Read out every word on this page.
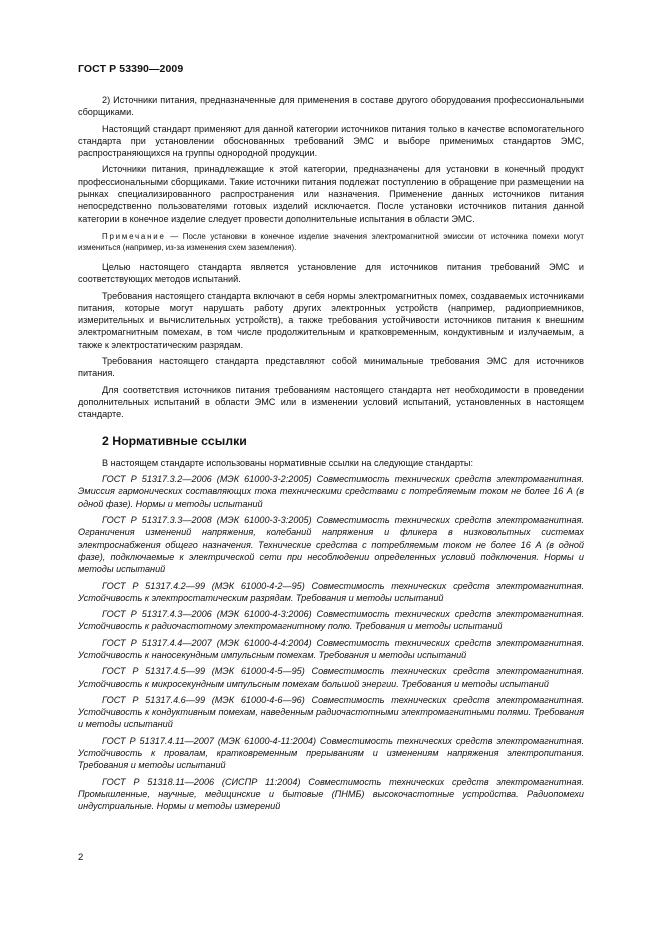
ГОСТ Р 53390—2009

2) Источники питания, предназначенные для применения в составе другого оборудования профессиональными сборщиками.

Настоящий стандарт применяют для данной категории источников питания только в качестве вспомогательного стандарта при установлении обоснованных требований ЭМС и выборе применимых стандартов ЭМС, распространяющихся на группы однородной продукции.

Источники питания, принадлежащие к этой категории, предназначены для установки в конечный продукт профессиональными сборщиками. Такие источники питания подлежат поступлению в обращение при размещении на рынках специализированного распространения или назначения. Применение данных источников питания непосредственно пользователями готовых изделий исключается. После установки источников питания данной категории в конечное изделие следует провести дополнительные испытания в области ЭМС.

Примечание — После установки в конечное изделие значения электромагнитной эмиссии от источника помехи могут измениться (например, из-за изменения схем заземления).

Целью настоящего стандарта является установление для источников питания требований ЭМС и соответствующих методов испытаний.

Требования настоящего стандарта включают в себя нормы электромагнитных помех, создаваемых источниками питания, которые могут нарушать работу других электронных устройств (например, радиоприемников, измерительных и вычислительных устройств), а также требования устойчивости источников питания к внешним электромагнитным помехам, в том числе продолжительным и кратковременным, кондуктивным и излучаемым, а также к электростатическим разрядам.

Требования настоящего стандарта представляют собой минимальные требования ЭМС для источников питания.

Для соответствия источников питания требованиям настоящего стандарта нет необходимости в проведении дополнительных испытаний в области ЭМС или в изменении условий испытаний, установленных в настоящем стандарте.

2 Нормативные ссылки

В настоящем стандарте использованы нормативные ссылки на следующие стандарты:

ГОСТ Р 51317.3.2—2006 (МЭК 61000-3-2:2005) Совместимость технических средств электромагнитная. Эмиссия гармонических составляющих тока техническими средствами с потребляемым током не более 16 А (в одной фазе). Нормы и методы испытаний

ГОСТ Р 51317.3.3—2008 (МЭК 61000-3-3:2005) Совместимость технических средств электромагнитная. Ограничения изменений напряжения, колебаний напряжения и фликера в низковольтных системах электроснабжения общего назначения. Технические средства с потребляемым током не более 16 А (в одной фазе), подключаемые к электрической сети при несоблюдении определенных условий подключения. Нормы и методы испытаний

ГОСТ Р 51317.4.2—99 (МЭК 61000-4-2—95) Совместимость технических средств электромагнитная. Устойчивость к электростатическим разрядам. Требования и методы испытаний

ГОСТ Р 51317.4.3—2006 (МЭК 61000-4-3:2006) Совместимость технических средств электромагнитная. Устойчивость к радиочастотному электромагнитному полю. Требования и методы испытаний

ГОСТ Р 51317.4.4—2007 (МЭК 61000-4-4:2004) Совместимость технических средств электромагнитная. Устойчивость к наносекундным импульсным помехам. Требования и методы испытаний

ГОСТ Р 51317.4.5—99 (МЭК 61000-4-5—95) Совместимость технических средств электромагнитная. Устойчивость к микросекундным импульсным помехам большой энергии. Требования и методы испытаний

ГОСТ Р 51317.4.6—99 (МЭК 61000-4-6—96) Совместимость технических средств электромагнитная. Устойчивость к кондуктивным помехам, наведенным радиочастотными электромагнитными полями. Требования и методы испытаний

ГОСТ Р 51317.4.11—2007 (МЭК 61000-4-11:2004) Совместимость технических средств электромагнитная. Устойчивость к провалам, кратковременным прерываниям и изменениям напряжения электропитания. Требования и методы испытаний

ГОСТ Р 51318.11—2006 (СИСПР 11:2004) Совместимость технических средств электромагнитная. Промышленные, научные, медицинские и бытовые (ПНМБ) высокочастотные устройства. Радиопомехи индустриальные. Нормы и методы измерений

2
